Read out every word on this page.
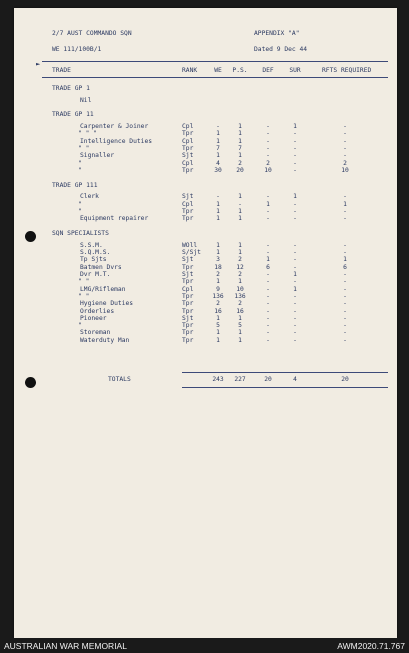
►
2/7 AUST COMMANDO SQN	APPENDIX "A"
WE 111/100B/1	Dated 9 Dec 44
TRADE	RANK	WE P.S. DEF SUR	RFTS REQUIRED
TRADE GP 1
Nil
TRADE GP 11
Carpenter & Joiner	Cpl	-	1	-	1	-
" " "	Tpr	1	1	-	-	-
Intelligence Duties	Cpl	1	1	-	-	-
" "	Tpr	7	7	-	-	-
Signaller	Sjt	1	1	-	-	-
"	Cpl	4	2	2	-	2
"	Tpr	30 20	10	-	10
TRADE GP 111
Clerk	Sjt	-	1	-	1	-
"	Cpl	1	-	1	-	1
"	Tpr	1	1	-	-	-
Equipment repairer	Tpr	1	1	-	-	-
SQN SPECIALISTS
S.S.M.	WOll	1	1	-	-	-
S.Q.M.S.	S/Sjt 1	1	-	-	-
Tp Sjts	Sjt	3	2	1	-	1
Batmen Dvrs	Tpr	18 12	6	-	6
Dvr M.T.	Sjt	2	2	-	1	-
" "	Tpr	1	1	-	-	-
LMG/Rifleman	Cpl	9	10	-	1	-
" "	Tpr	136 136	-	-	-
Hygiene Duties	Tpr	2	2	-	-	-
Orderlies	Tpr	16 16	-	-	-
Pioneer	Sjt	1	1	-	-	-
"	Tpr	5	5	-	-	-
Storeman	Tpr	1	1	-	-	-
Waterduty Man	Tpr	1	1	-	-	-
TOTALS	243 227	20	4	20
AUSTRALIAN WAR MEMORIAL	AWM2020.71.767
